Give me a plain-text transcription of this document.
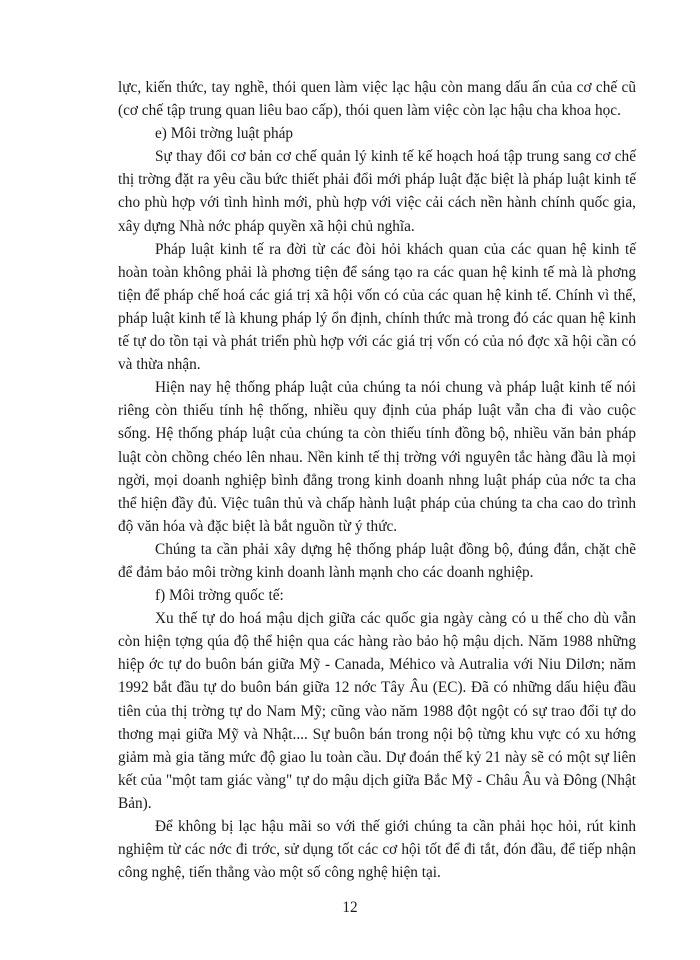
lực, kiến thức, tay nghề, thói quen làm việc lạc hậu còn mang dấu ấn của cơ chế cũ (cơ chế tập trung quan liêu bao cấp), thói quen làm việc còn lạc hậu cha khoa học.

e) Môi trờng luật pháp

Sự thay đổi cơ bản cơ chế quản lý kinh tế kế hoạch hoá tập trung sang cơ chế thị trờng đặt ra yêu cầu bức thiết phải đổi mới pháp luật đặc biệt là pháp luật kinh tế cho phù hợp với tình hình mới, phù hợp với việc cải cách nền hành chính quốc gia, xây dựng Nhà nớc pháp quyền xã hội chủ nghĩa.

Pháp luật kinh tế ra đời từ các đòi hỏi khách quan của các quan hệ kinh tế hoàn toàn không phải là phơng tiện để sáng tạo ra các quan hệ kinh tế mà là phơng tiện để pháp chế hoá các giá trị xã hội vốn có của các quan hệ kinh tế. Chính vì thế, pháp luật kinh tế là khung pháp lý ổn định, chính thức mà trong đó các quan hệ kinh tế tự do tồn tại và phát triển phù hợp với các giá trị vốn có của nó đợc xã hội cần có và thừa nhận.

Hiện nay hệ thống pháp luật của chúng ta nói chung và pháp luật kinh tế nói riêng còn thiếu tính hệ thống, nhiều quy định của pháp luật vẫn cha đi vào cuộc sống. Hệ thống pháp luật của chúng ta còn thiếu tính đồng bộ, nhiều văn bản pháp luật còn chồng chéo lên nhau. Nền kinh tế thị trờng với nguyên tắc hàng đầu là mọi ngời, mọi doanh nghiệp bình đẳng trong kinh doanh nhng luật pháp của nớc ta cha thể hiện đầy đủ. Việc tuân thủ và chấp hành luật pháp của chúng ta cha cao do trình độ văn hóa và đặc biệt là bắt nguồn từ ý thức.

Chúng ta cần phải xây dựng hệ thống pháp luật đồng bộ, đúng đắn, chặt chẽ để đảm bảo môi trờng kinh doanh lành mạnh cho các doanh nghiệp.

f) Môi trờng quốc tế:

Xu thế tự do hoá mậu dịch giữa các quốc gia ngày càng có u thế cho dù vẫn còn hiện tợng qúa độ thể hiện qua các hàng rào bảo hộ mậu dịch. Năm 1988 những hiệp ớc tự do buôn bán giữa Mỹ - Canada, Méhico và Autralia với Niu Dilơn; năm 1992 bắt đầu tự do buôn bán giữa 12 nớc Tây Âu (EC). Đã có những dấu hiệu đầu tiên của thị trờng tự do Nam Mỹ; cũng vào năm 1988 đột ngột có sự trao đổi tự do thơng mại giữa Mỹ và Nhật.... Sự buôn bán trong nội bộ từng khu vực có xu hớng giảm mà gia tăng mức độ giao lu toàn cầu. Dự đoán thế kỷ 21 này sẽ có một sự liên kết của "một tam giác vàng" tự do mậu dịch giữa Bắc Mỹ - Châu Âu và Đông (Nhật Bản).

Để không bị lạc hậu mãi so với thế giới chúng ta cần phải học hỏi, rút kinh nghiệm từ các nớc đi trớc, sử dụng tốt các cơ hội tốt để đi tắt, đón đầu, để tiếp nhận công nghệ, tiến thẳng vào một số công nghệ hiện tại.

12
